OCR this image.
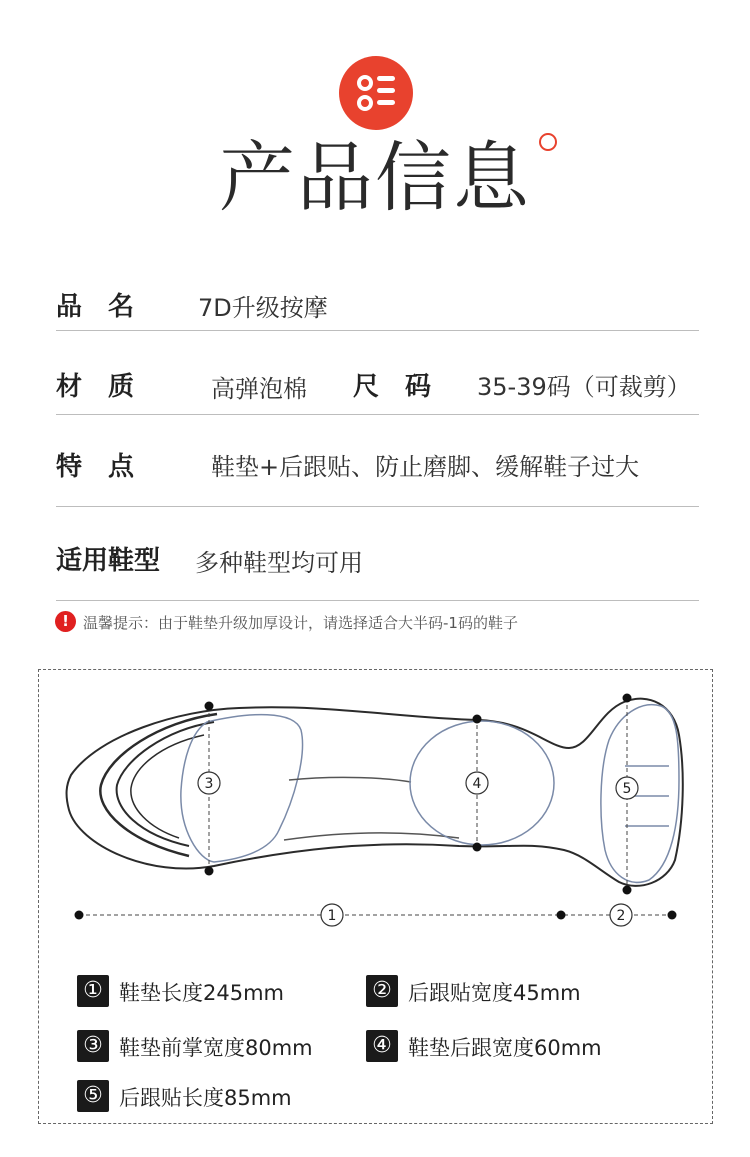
产品信息
品　名	7D升级按摩
材　质	高弹泡棉 尺　码 35-39码（可裁剪）
特　点	鞋垫+后跟贴、防止磨脚、缓解鞋子过大
适用鞋型 多种鞋型均可用
! 温馨提示：由于鞋垫升级加厚设计，请选择适合大半码-1码的鞋子
1	2
3	4	5
① 鞋垫长度245mm	② 后跟贴宽度45mm
③ 鞋垫前掌宽度80mm	④ 鞋垫后跟宽度60mm
⑤ 后跟贴长度85mm
